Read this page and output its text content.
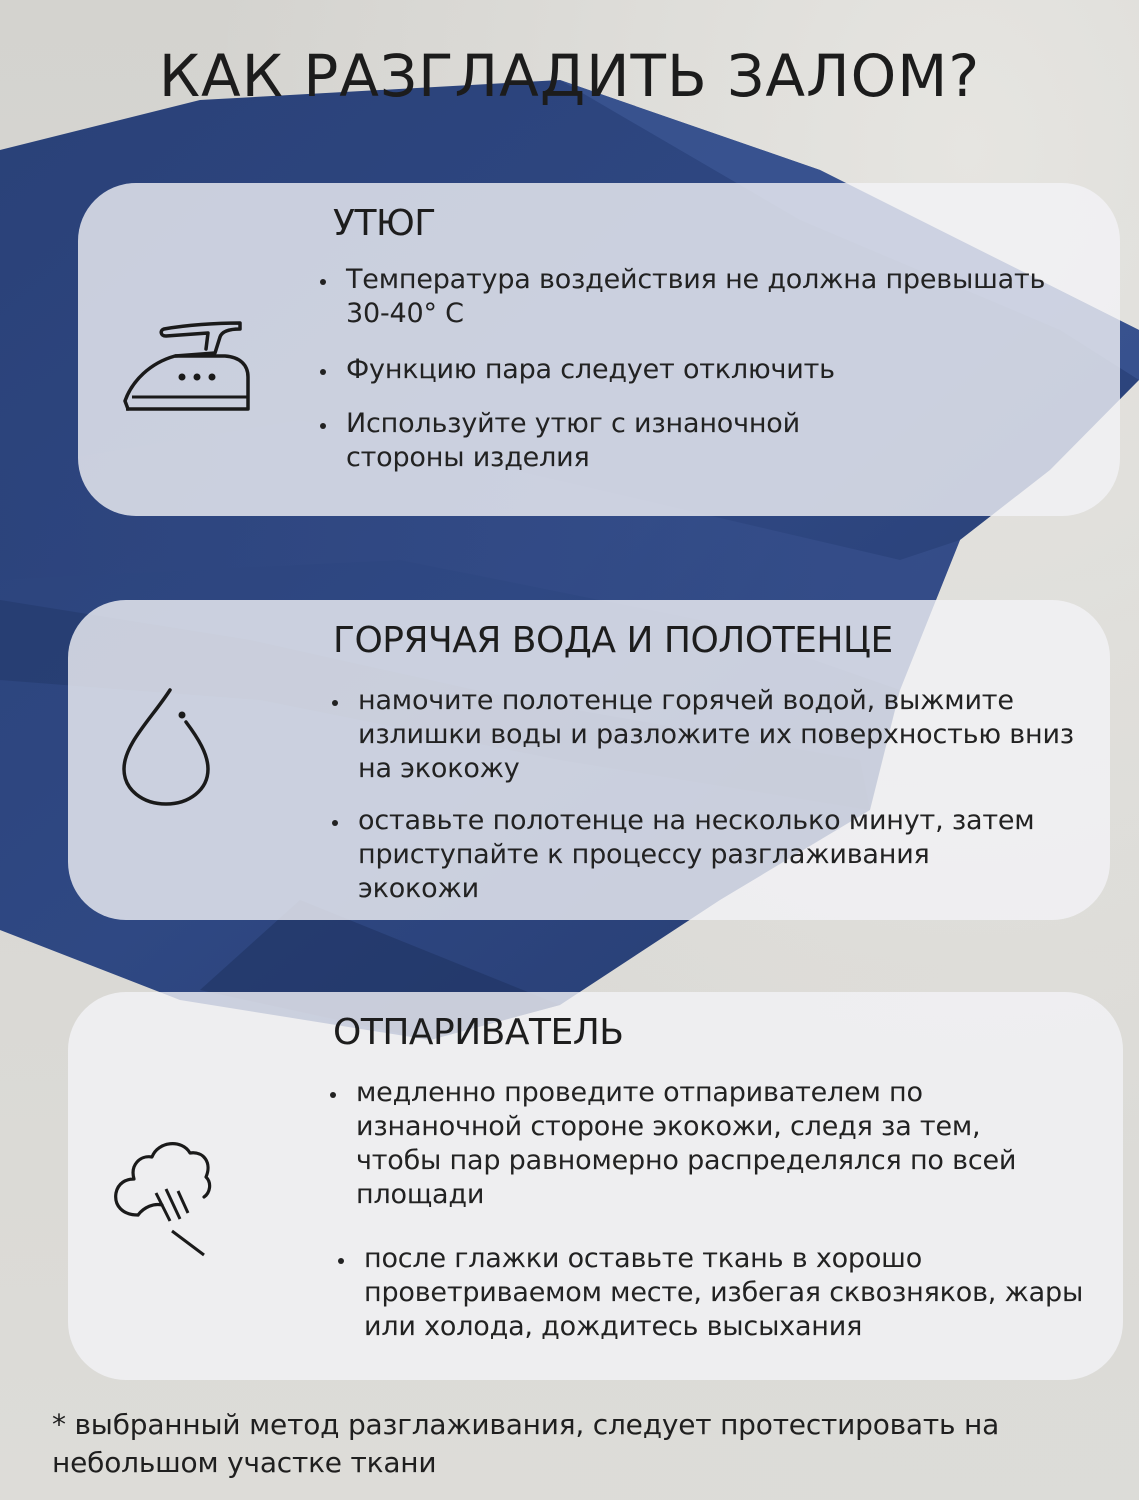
КАК РАЗГЛАДИТЬ ЗАЛОМ?
УТЮГ
Температура воздействия не должна превышать 30-40° С
Функцию пара следует отключить
Используйте утюг с изнаночной стороны изделия
ГОРЯЧАЯ ВОДА И ПОЛОТЕНЦЕ
намочите полотенце горячей водой, выжмите излишки воды и разложите их поверхностью вниз на экокожу
оставьте полотенце на несколько минут, затем приступайте к процессу разглаживания экокожи
ОТПАРИВАТЕЛЬ
медленно проведите отпаривателем по изнаночной стороне экокожи, следя за тем, чтобы пар равномерно распределялся по всей площади
после глажки оставьте ткань в хорошо проветриваемом месте, избегая сквозняков, жары или холода, дождитесь высыхания
* выбранный метод разглаживания, следует протестировать на небольшом участке ткани
